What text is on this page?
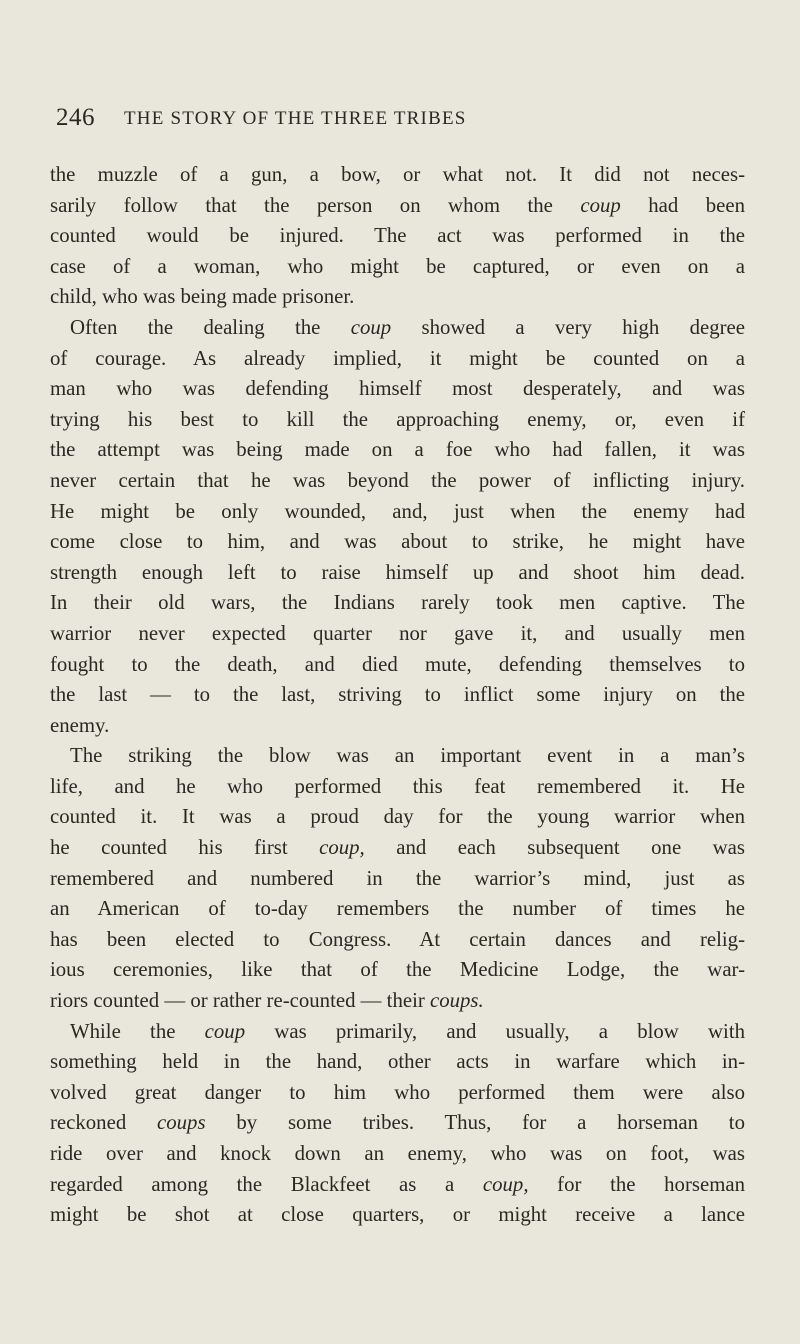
246 THE STORY OF THE THREE TRIBES
the muzzle of a gun, a bow, or what not. It did not neces-
sarily follow that the person on whom the coup had been
counted would be injured. The act was performed in the
case of a woman, who might be captured, or even on a
child, who was being made prisoner.
Often the dealing the coup showed a very high degree
of courage. As already implied, it might be counted on a
man who was defending himself most desperately, and was
trying his best to kill the approaching enemy, or, even if
the attempt was being made on a foe who had fallen, it was
never certain that he was beyond the power of inflicting injury.
He might be only wounded, and, just when the enemy had
come close to him, and was about to strike, he might have
strength enough left to raise himself up and shoot him dead.
In their old wars, the Indians rarely took men captive. The
warrior never expected quarter nor gave it, and usually men
fought to the death, and died mute, defending themselves to
the last — to the last, striving to inflict some injury on the
enemy.
The striking the blow was an important event in a man’s
life, and he who performed this feat remembered it. He
counted it. It was a proud day for the young warrior when
he counted his first coup, and each subsequent one was
remembered and numbered in the warrior’s mind, just as
an American of to-day remembers the number of times he
has been elected to Congress. At certain dances and relig-
ious ceremonies, like that of the Medicine Lodge, the war-
riors counted — or rather re-counted — their coups.
While the coup was primarily, and usually, a blow with
something held in the hand, other acts in warfare which in-
volved great danger to him who performed them were also
reckoned coups by some tribes. Thus, for a horseman to
ride over and knock down an enemy, who was on foot, was
regarded among the Blackfeet as a coup, for the horseman
might be shot at close quarters, or might receive a lance
